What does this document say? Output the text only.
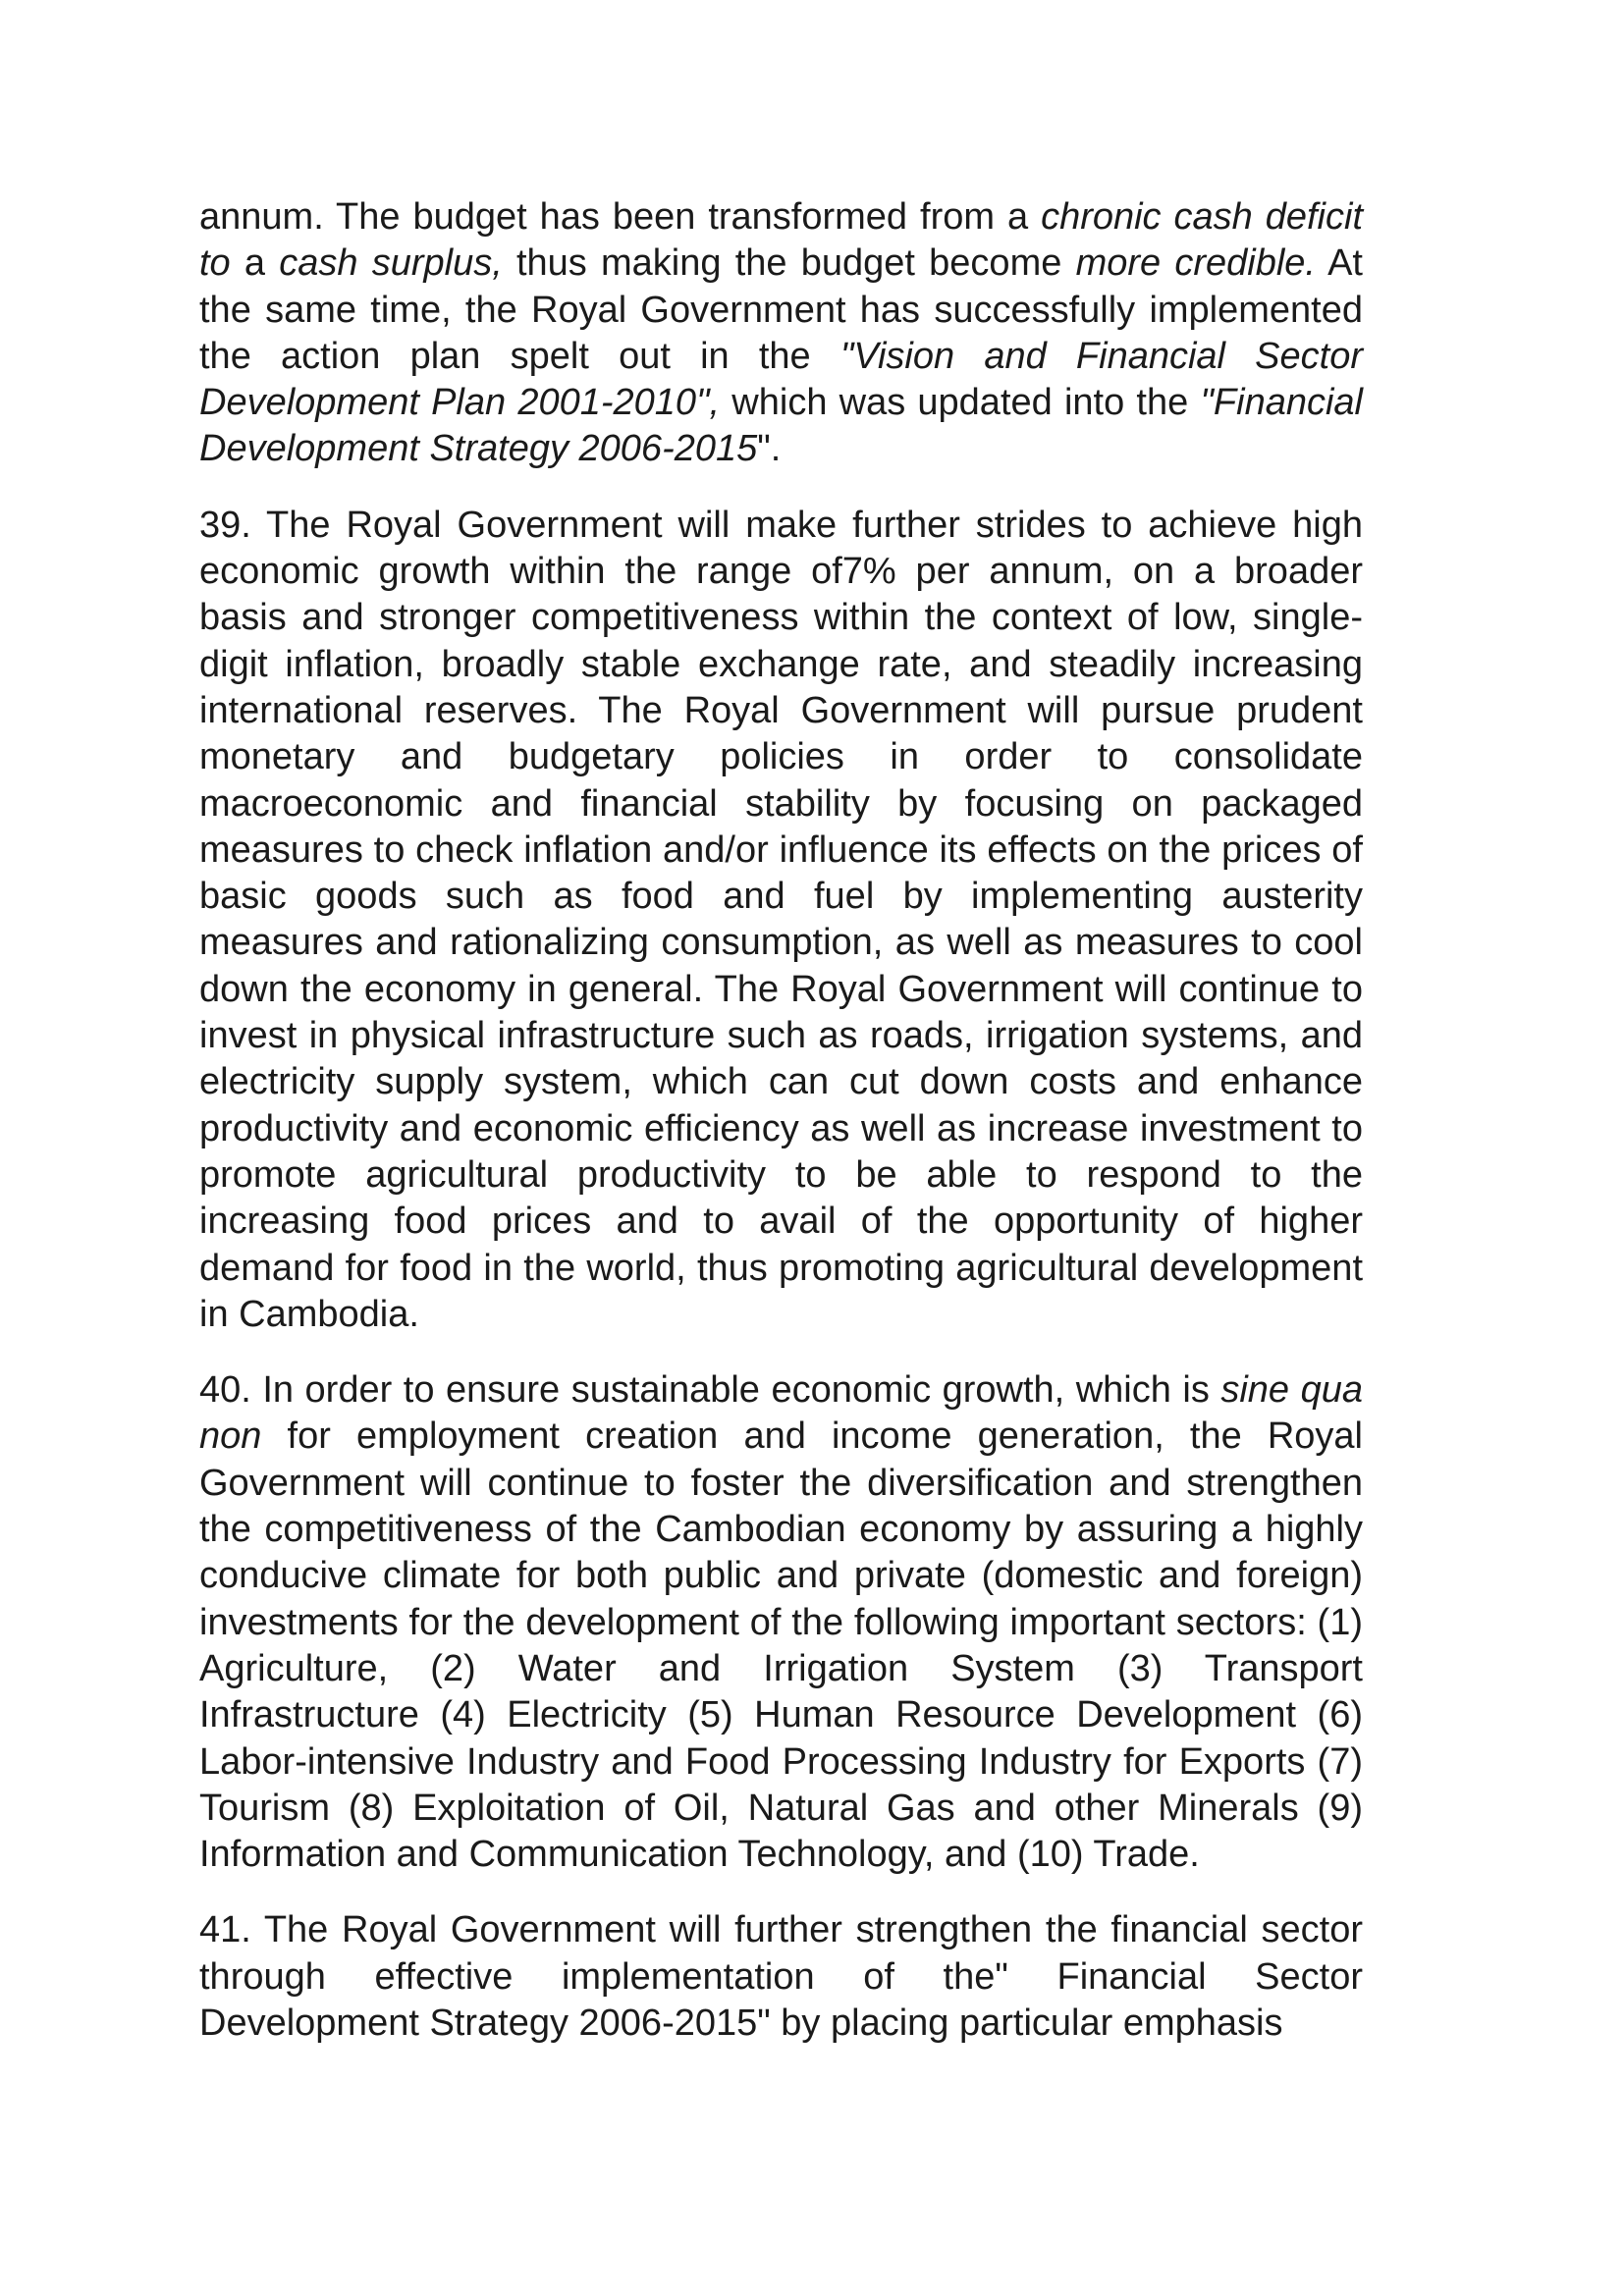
annum. The budget has been transformed from a chronic cash deficit to a cash surplus, thus making the budget become more credible. At the same time, the Royal Government has successfully implemented the action plan spelt out in the "Vision and Financial Sector Development Plan 2001-2010", which was updated into the "Financial Development Strategy 2006-2015".

39. The Royal Government will make further strides to achieve high economic growth within the range of7% per annum, on a broader basis and stronger competitiveness within the context of low, single-digit inflation, broadly stable exchange rate, and steadily increasing international reserves. The Royal Government will pursue prudent monetary and budgetary policies in order to consolidate macroeconomic and financial stability by focusing on packaged measures to check inflation and/or influence its effects on the prices of basic goods such as food and fuel by implementing austerity measures and rationalizing consumption, as well as measures to cool down the economy in general. The Royal Government will continue to invest in physical infrastructure such as roads, irrigation systems, and electricity supply system, which can cut down costs and enhance productivity and economic efficiency as well as increase investment to promote agricultural productivity to be able to respond to the increasing food prices and to avail of the opportunity of higher demand for food in the world, thus promoting agricultural development in Cambodia.

40. In order to ensure sustainable economic growth, which is sine qua non for employment creation and income generation, the Royal Government will continue to foster the diversification and strengthen the competitiveness of the Cambodian economy by assuring a highly conducive climate for both public and private (domestic and foreign) investments for the development of the following important sectors: (1) Agriculture, (2) Water and Irrigation System (3) Transport Infrastructure (4) Electricity (5) Human Resource Development (6) Labor-intensive Industry and Food Processing Industry for Exports (7) Tourism (8) Exploitation of Oil, Natural Gas and other Minerals (9) Information and Communication Technology, and (10) Trade.

41. The Royal Government will further strengthen the financial sector through effective implementation of the" Financial Sector Development Strategy 2006-2015" by placing particular emphasis
